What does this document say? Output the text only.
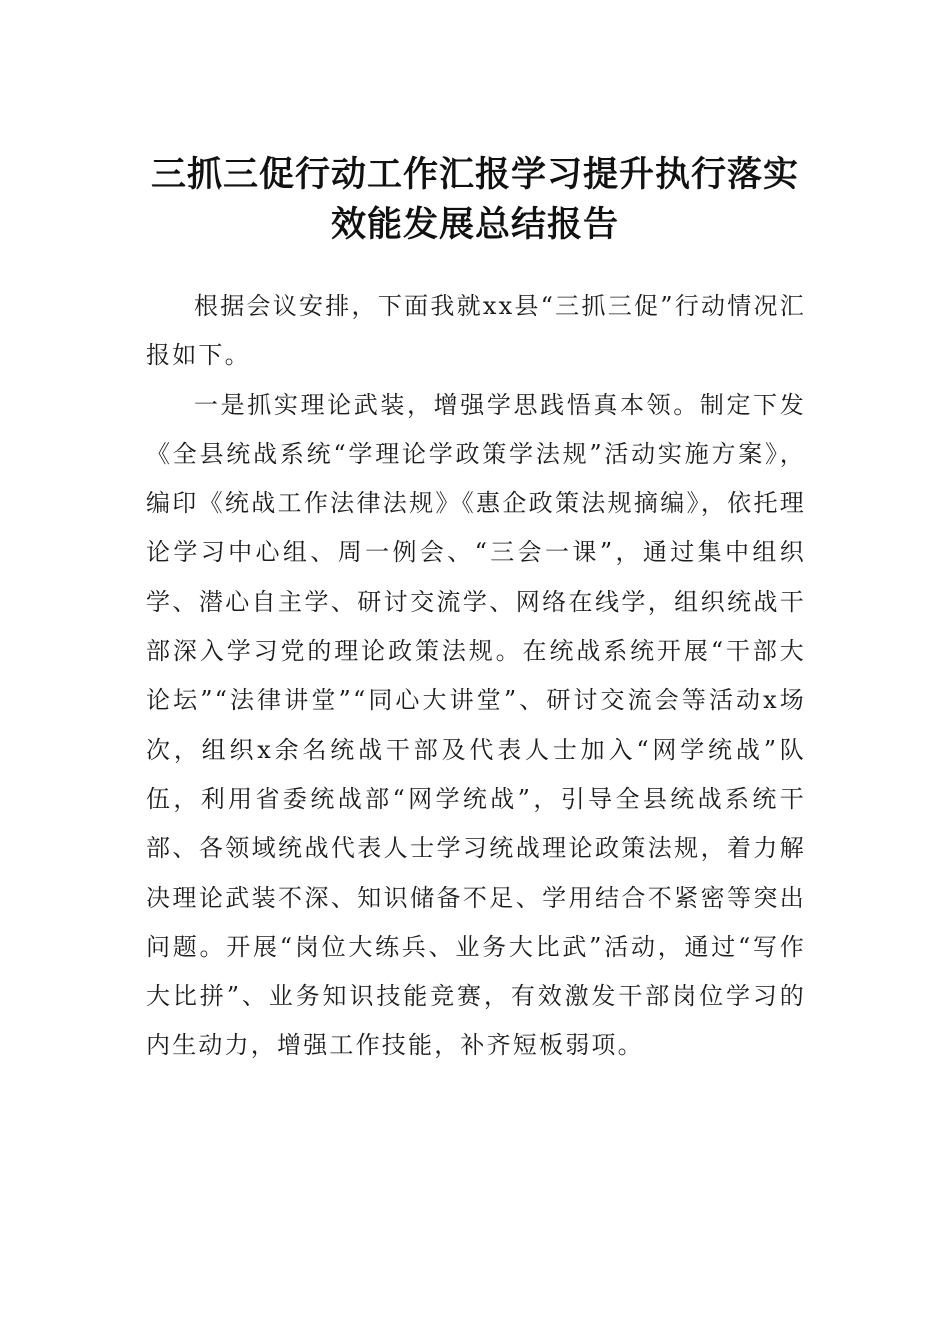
三抓三促行动工作汇报学习提升执行落实
效能发展总结报告

根据会议安排，下面我就xx县“三抓三促”行动情况汇报如下。

一是抓实理论武装，增强学思践悟真本领。制定下发《全县统战系统“学理论学政策学法规”活动实施方案》，编印《统战工作法律法规》《惠企政策法规摘编》，依托理论学习中心组、周一例会、“三会一课”，通过集中组织学、潜心自主学、研讨交流学、网络在线学，组织统战干部深入学习党的理论政策法规。在统战系统开展“干部大论坛”“法律讲堂”“同心大讲堂”、研讨交流会等活动x场次，组织x余名统战干部及代表人士加入“网学统战”队伍，利用省委统战部“网学统战”，引导全县统战系统干部、各领域统战代表人士学习统战理论政策法规，着力解决理论武装不深、知识储备不足、学用结合不紧密等突出问题。开展“岗位大练兵、业务大比武”活动，通过“写作大比拼”、业务知识技能竞赛，有效激发干部岗位学习的内生动力，增强工作技能，补齐短板弱项。
